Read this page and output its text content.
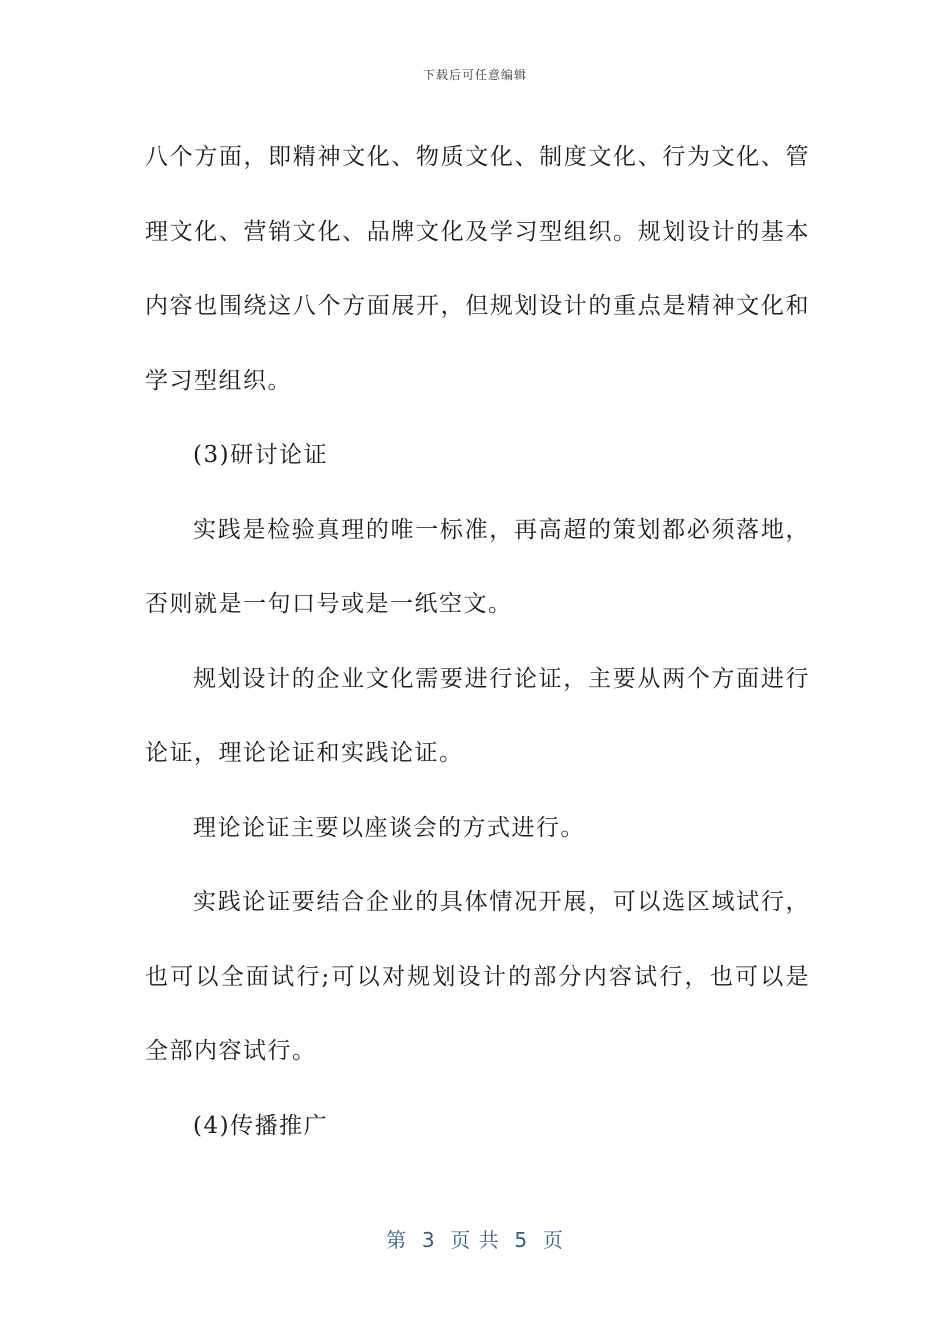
下载后可任意编辑

八个方面，即精神文化、物质文化、制度文化、行为文化、管理文化、营销文化、品牌文化及学习型组织。规划设计的基本内容也围绕这八个方面展开，但规划设计的重点是精神文化和学习型组织。

(3)研讨论证

实践是检验真理的唯一标准，再高超的策划都必须落地，否则就是一句口号或是一纸空文。

规划设计的企业文化需要进行论证，主要从两个方面进行论证，理论论证和实践论证。

理论论证主要以座谈会的方式进行。

实践论证要结合企业的具体情况开展，可以选区域试行，也可以全面试行;可以对规划设计的部分内容试行，也可以是全部内容试行。

(4)传播推广

第  3  页 共  5  页
